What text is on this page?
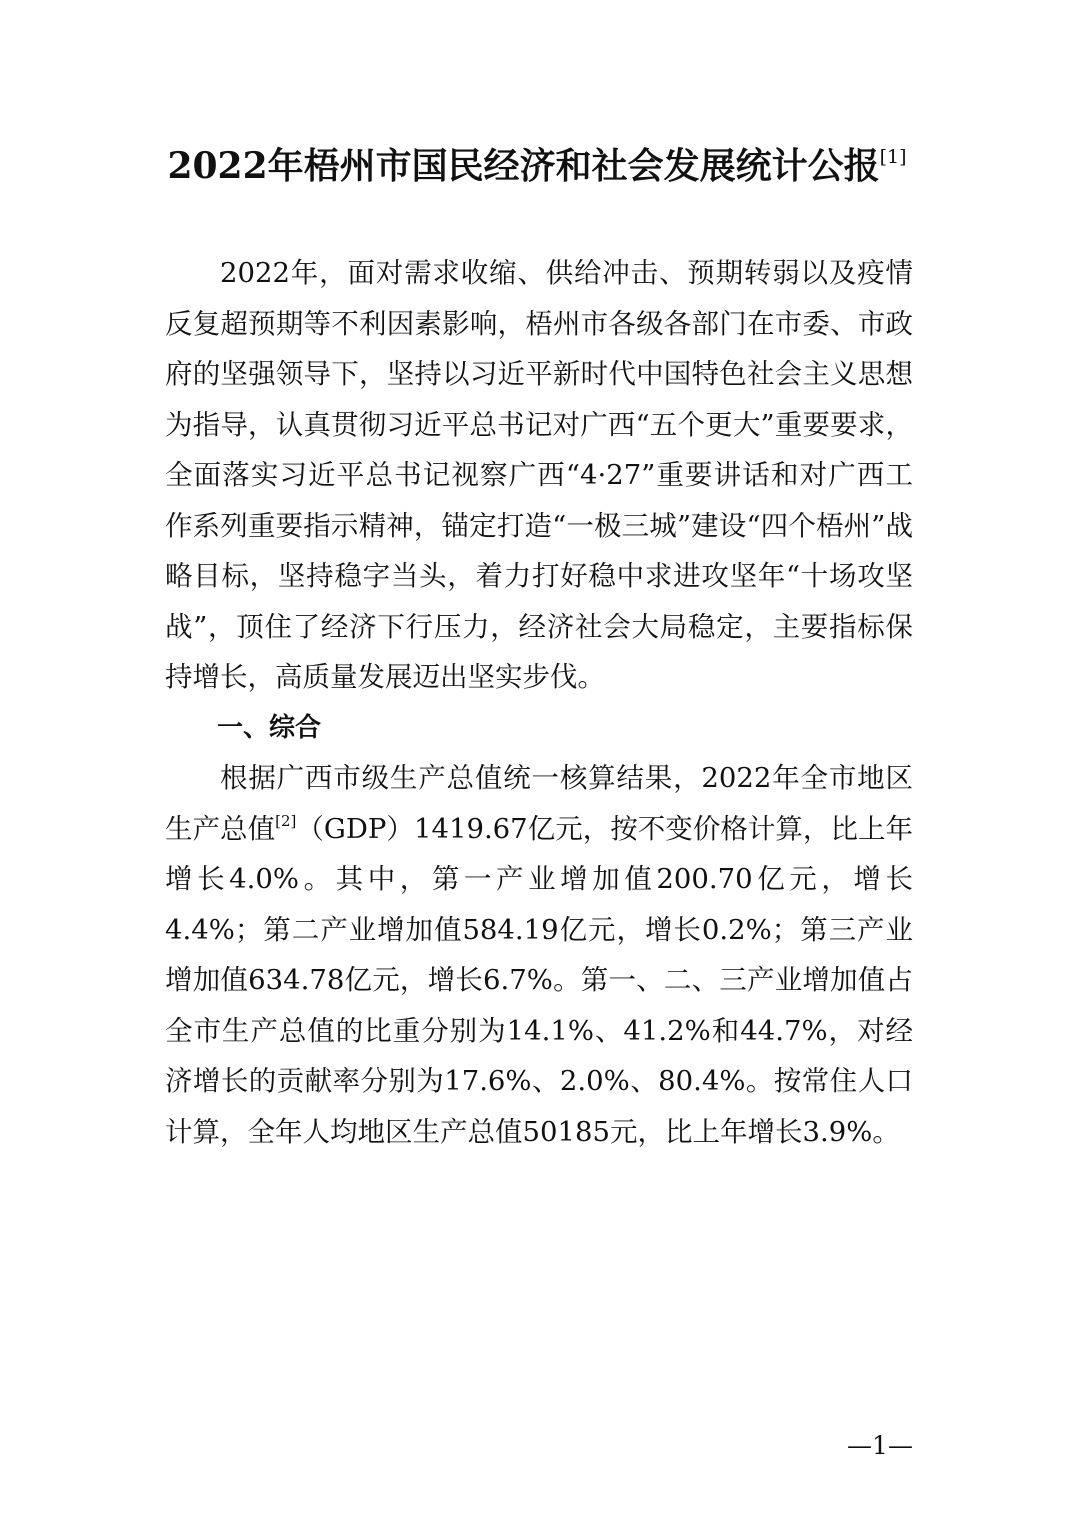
2022年梧州市国民经济和社会发展统计公报[1]

2022年，面对需求收缩、供给冲击、预期转弱以及疫情反复超预期等不利因素影响，梧州市各级各部门在市委、市政府的坚强领导下，坚持以习近平新时代中国特色社会主义思想为指导，认真贯彻习近平总书记对广西“五个更大”重要要求，全面落实习近平总书记视察广西“4·27”重要讲话和对广西工作系列重要指示精神，锚定打造“一极三城”建设“四个梧州”战略目标，坚持稳字当头，着力打好稳中求进攻坚年“十场攻坚战”，顶住了经济下行压力，经济社会大局稳定，主要指标保持增长，高质量发展迈出坚实步伐。

一、综合

根据广西市级生产总值统一核算结果，2022年全市地区生产总值[2]（GDP）1419.67亿元，按不变价格计算，比上年增长4.0%。其中，第一产业增加值200.70亿元，增长4.4%；第二产业增加值584.19亿元，增长0.2%；第三产业增加值634.78亿元，增长6.7%。第一、二、三产业增加值占全市生产总值的比重分别为14.1%、41.2%和44.7%，对经济增长的贡献率分别为17.6%、2.0%、80.4%。按常住人口计算，全年人均地区生产总值50185元，比上年增长3.9%。

—1—
